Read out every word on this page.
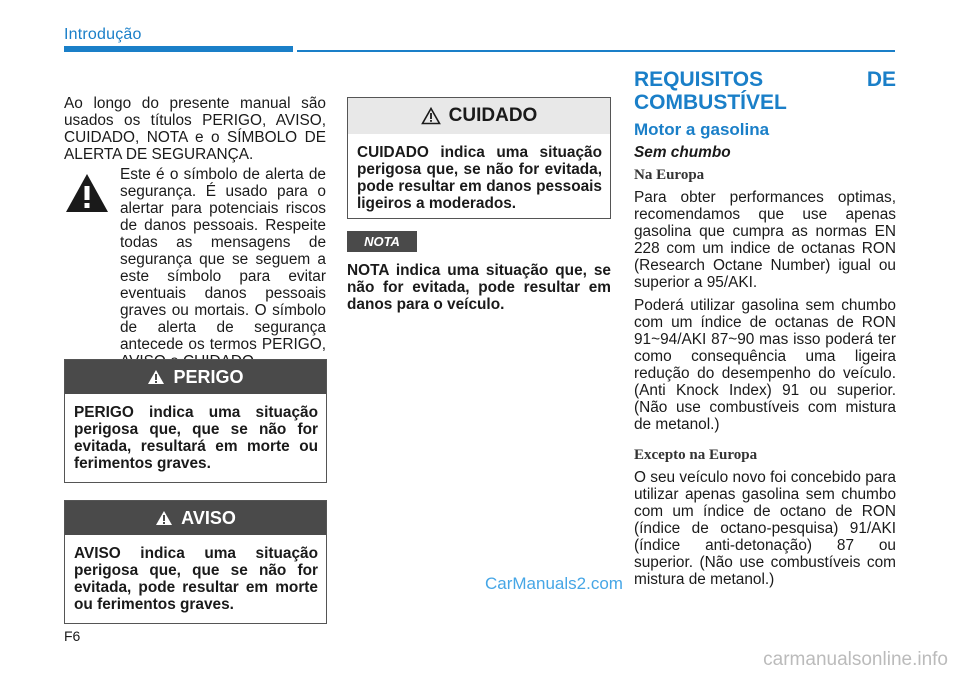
Introdução

Ao longo do presente manual são usados os títulos PERIGO, AVISO, CUIDADO, NOTA e o SÍMBOLO DE ALERTA DE SEGURANÇA.

Este é o símbolo de alerta de segurança. É usado para o alertar para potenciais riscos de danos pessoais. Respeite todas as mensagens de segurança que se seguem a este símbolo para evitar eventuais danos pessoais graves ou mortais. O símbolo de alerta de segurança antecede os termos PERIGO,

PERIGO
PERIGO indica uma situação perigosa que, que se não for evitada, resultará em morte ou ferimentos graves.
AVISO
AVISO indica uma situação perigosa que, que se não for evitada, pode resultar em morte ou ferimentos graves.
CUIDADO
CUIDADO indica uma situação perigosa que, se não for evitada, pode resultar em danos pessoais ligeiros a moderados.
NOTA
NOTA indica uma situação que, se não for evitada, pode resultar em danos para o veículo.
REQUISITOS DE COMBUSTÍVEL
Motor a gasolina
Sem chumbo
Na Europa

Para obter performances optimas, recomendamos que use apenas gasolina que cumpra as normas EN 228 com um indice de octanas RON (Research Octane Number) igual ou superior a 95/AKI.

Poderá utilizar gasolina sem chumbo com um índice de octanas de RON 91~94/AKI 87~90 mas isso poderá ter como consequência uma ligeira redução do desempenho do veículo. (Anti Knock Index) 91 ou superior. (Não use combustíveis com mistura de metanol.)

Excepto na Europa

O seu veículo novo foi concebido para utilizar apenas gasolina sem chumbo com um índice de octano de RON (índice de octano-pesquisa) 91/AKI (índice anti-detonação) 87 ou superior. (Não use combustíveis com mistura de metanol.)

F6
CarManuals2.com
carmanualsonline.info
